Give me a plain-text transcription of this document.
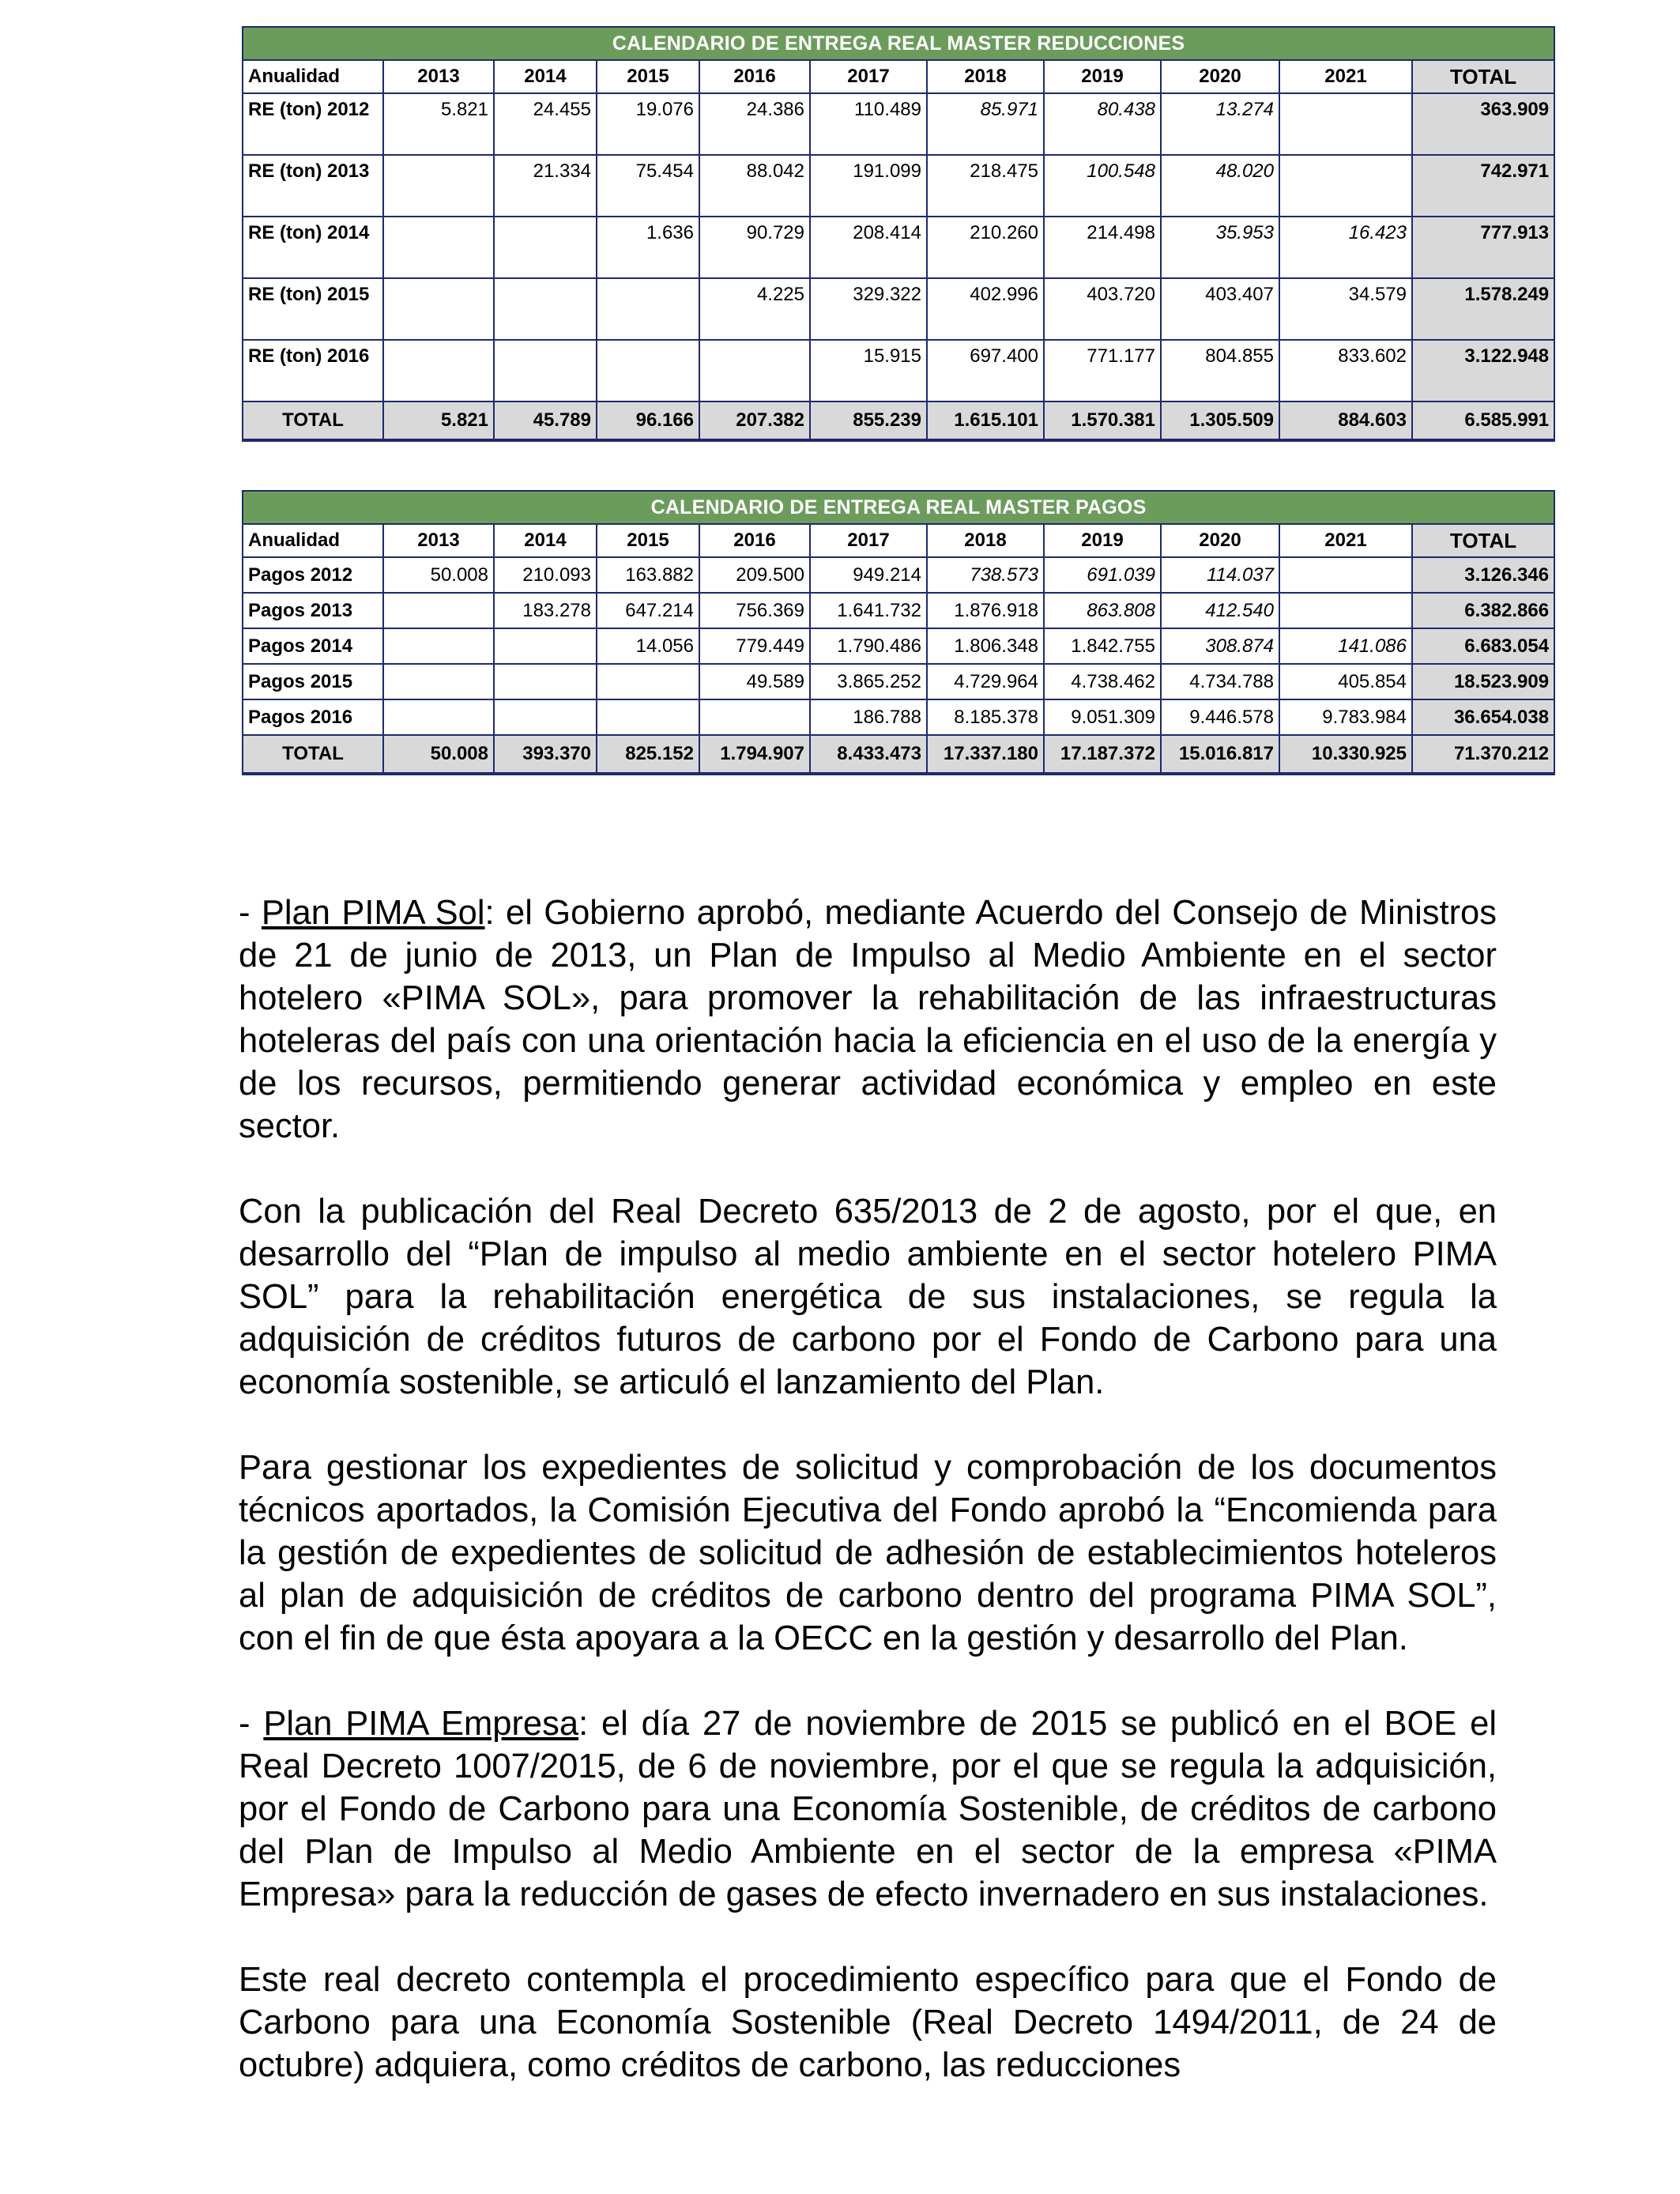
CALENDARIO DE ENTREGA REAL MASTER REDUCCIONES										
Anualidad	2013	2014	2015	2016	2017	2018	2019	2020	2021	TOTAL
RE (ton) 2012	5.821	24.455	19.076	24.386	110.489	85.971	80.438	13.274		363.909
RE (ton) 2013		21.334	75.454	88.042	191.099	218.475	100.548	48.020		742.971
RE (ton) 2014			1.636	90.729	208.414	210.260	214.498	35.953	16.423	777.913
RE (ton) 2015				4.225	329.322	402.996	403.720	403.407	34.579	1.578.249
RE (ton) 2016					15.915	697.400	771.177	804.855	833.602	3.122.948
TOTAL	5.821	45.789	96.166	207.382	855.239	1.615.101	1.570.381	1.305.509	884.603	6.585.991
CALENDARIO DE ENTREGA REAL MASTER PAGOS										
Anualidad	2013	2014	2015	2016	2017	2018	2019	2020	2021	TOTAL
Pagos 2012	50.008	210.093	163.882	209.500	949.214	738.573	691.039	114.037		3.126.346
Pagos 2013		183.278	647.214	756.369	1.641.732	1.876.918	863.808	412.540		6.382.866
Pagos 2014			14.056	779.449	1.790.486	1.806.348	1.842.755	308.874	141.086	6.683.054
Pagos 2015				49.589	3.865.252	4.729.964	4.738.462	4.734.788	405.854	18.523.909
Pagos 2016					186.788	8.185.378	9.051.309	9.446.578	9.783.984	36.654.038
TOTAL	50.008	393.370	825.152	1.794.907	8.433.473	17.337.180	17.187.372	15.016.817	10.330.925	71.370.212

- Plan PIMA Sol: el Gobierno aprobó, mediante Acuerdo del Consejo de Ministros de 21 de junio de 2013, un Plan de Impulso al Medio Ambiente en el sector hotelero «PIMA SOL», para promover la rehabilitación de las infraestructuras hoteleras del país con una orientación hacia la eficiencia en el uso de la energía y de los recursos, permitiendo generar actividad económica y empleo en este sector.

Con la publicación del Real Decreto 635/2013 de 2 de agosto, por el que, en desarrollo del “Plan de impulso al medio ambiente en el sector hotelero PIMA SOL” para la rehabilitación energética de sus instalaciones, se regula la adquisición de créditos futuros de carbono por el Fondo de Carbono para una economía sostenible, se articuló el lanzamiento del Plan.

Para gestionar los expedientes de solicitud y comprobación de los documentos técnicos aportados, la Comisión Ejecutiva del Fondo aprobó la “Encomienda para la gestión de expedientes de solicitud de adhesión de establecimientos hoteleros al plan de adquisición de créditos de carbono dentro del programa PIMA SOL”, con el fin de que ésta apoyara a la OECC en la gestión y desarrollo del Plan.

- Plan PIMA Empresa: el día 27 de noviembre de 2015 se publicó en el BOE el Real Decreto 1007/2015, de 6 de noviembre, por el que se regula la adquisición, por el Fondo de Carbono para una Economía Sostenible, de créditos de carbono del Plan de Impulso al Medio Ambiente en el sector de la empresa «PIMA Empresa» para la reducción de gases de efecto invernadero en sus instalaciones.

Este real decreto contempla el procedimiento específico para que el Fondo de Carbono para una Economía Sostenible (Real Decreto 1494/2011, de 24 de octubre) adquiera, como créditos de carbono, las reducciones
